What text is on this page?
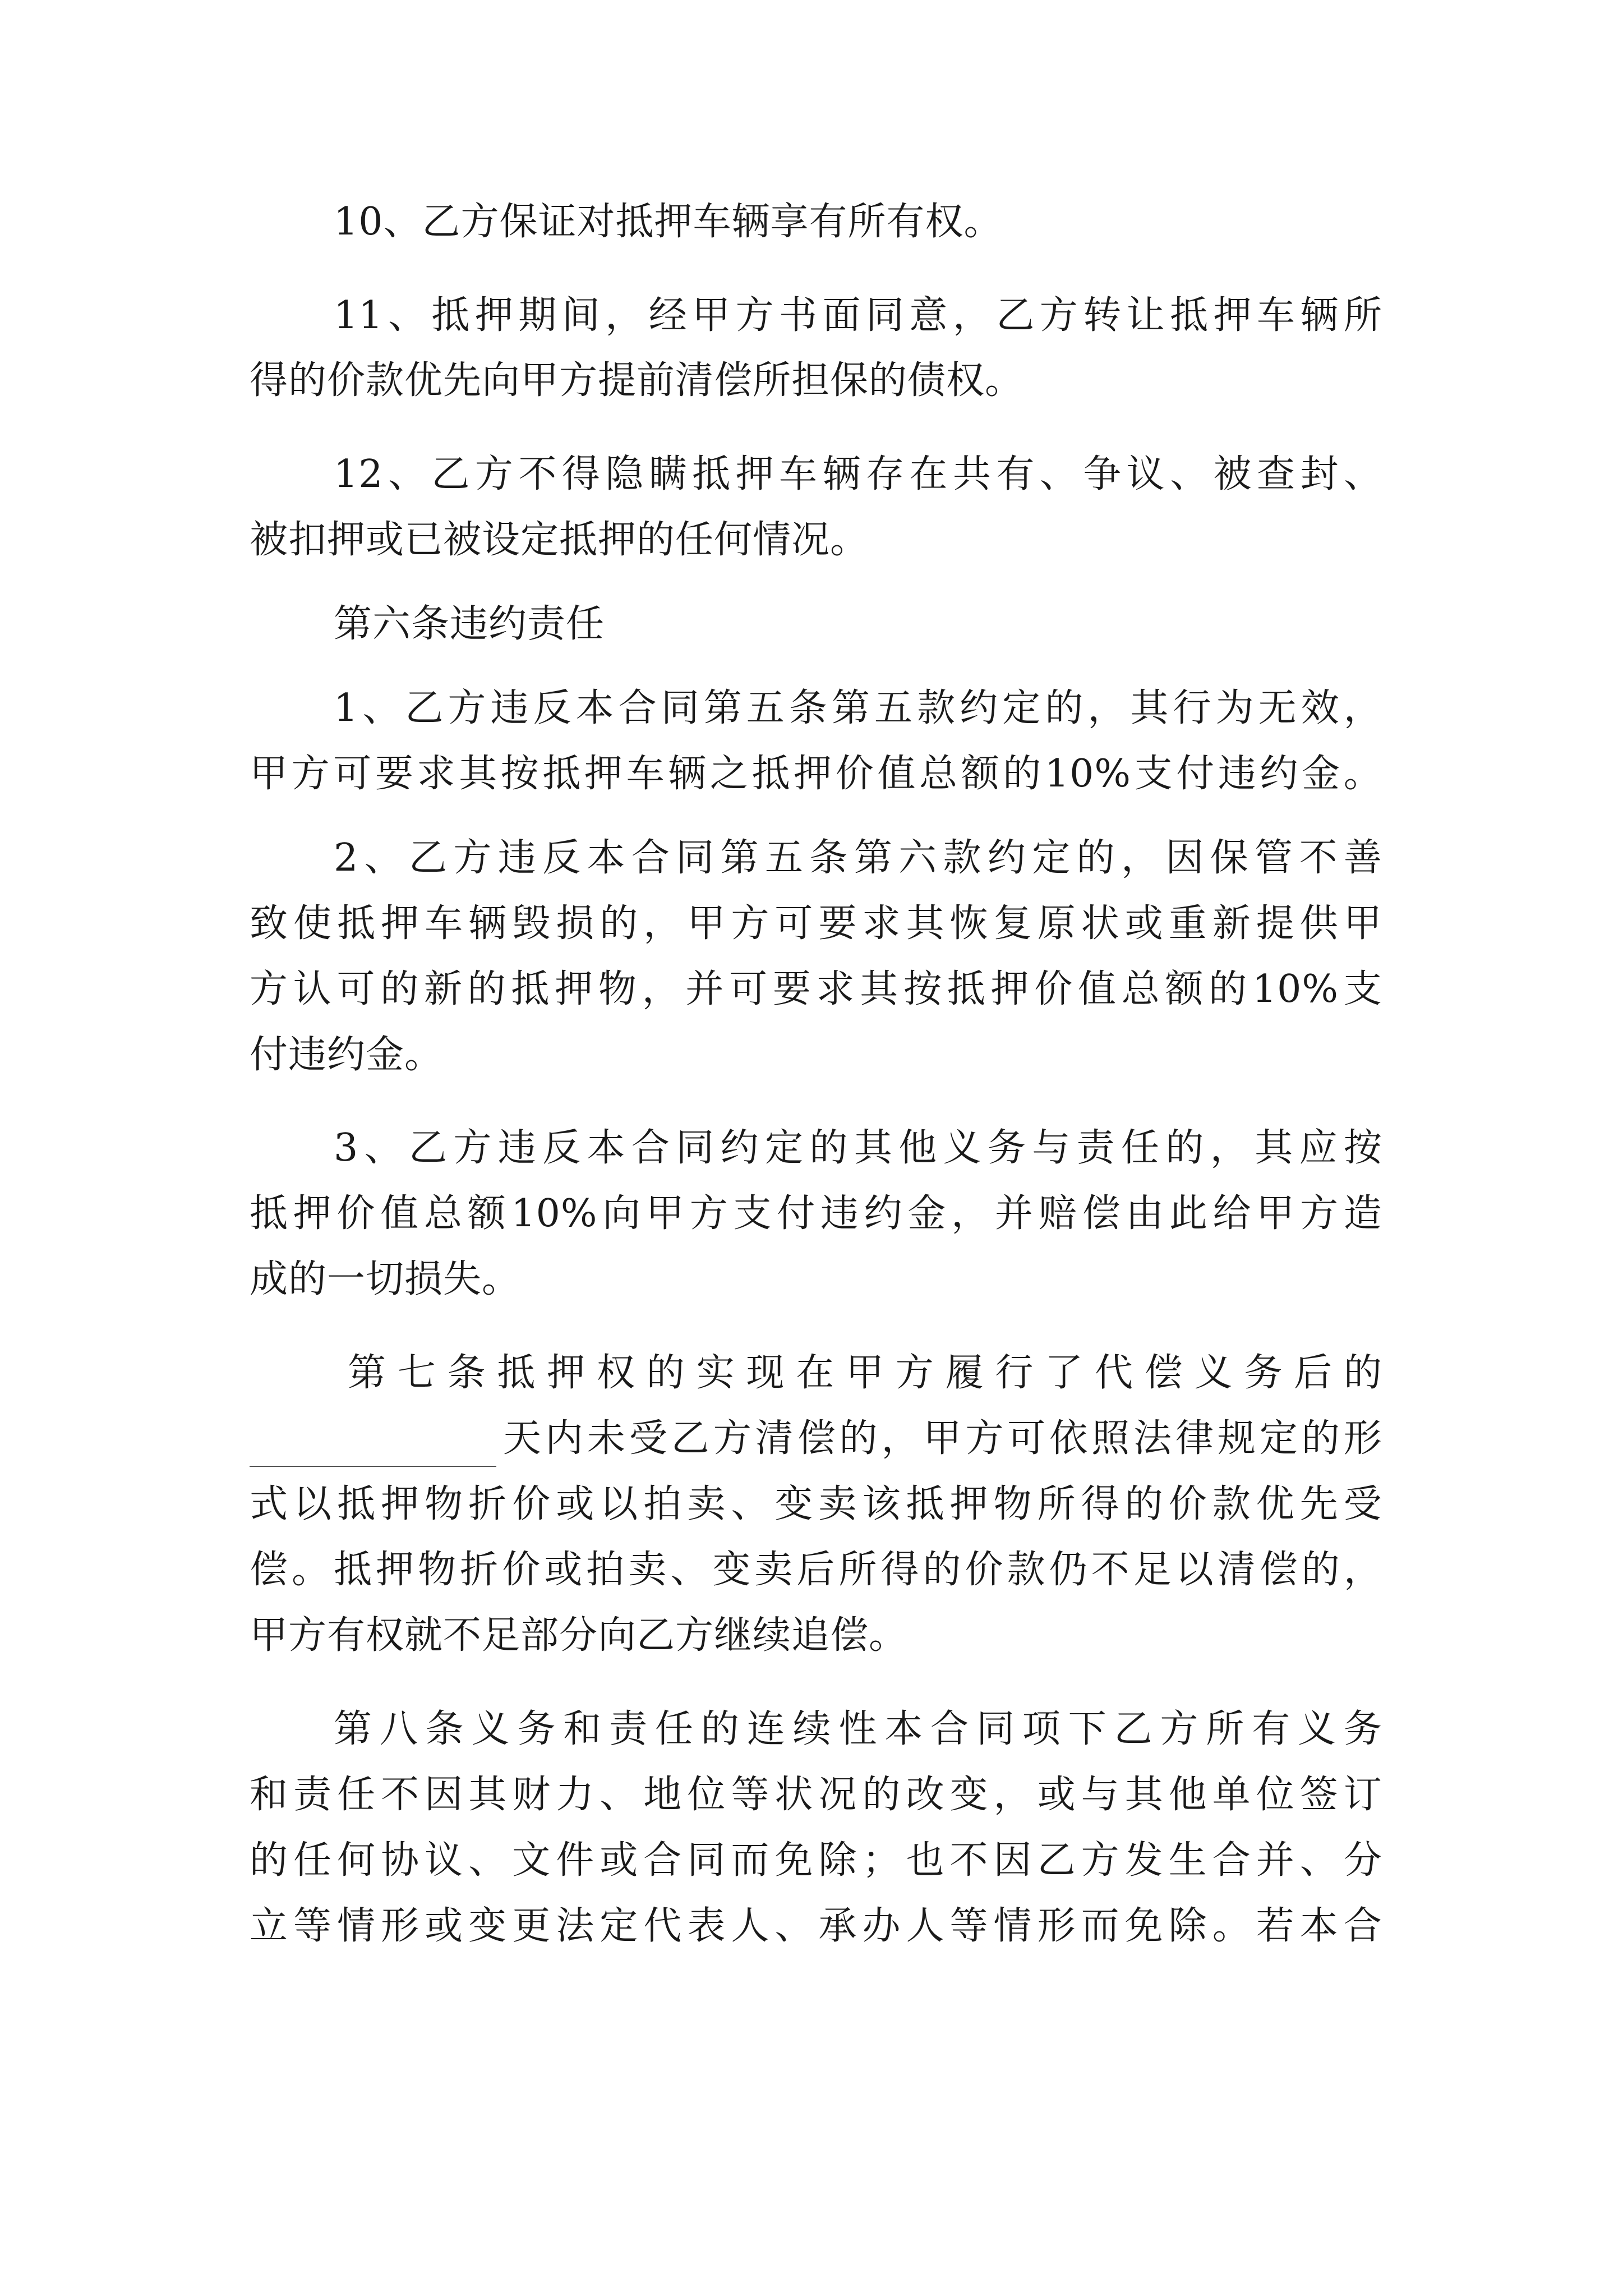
10、乙方保证对抵押车辆享有所有权。
11 、 抵 押 期 间 ， 经 甲 方 书 面 同 意 ， 乙 方 转 让 抵 押 车 辆 所
得的价款优先向甲方提前清偿所担保的债权。
12 、 乙 方 不 得 隐 瞒 抵 押 车 辆 存 在 共 有 、 争 议 、 被 查 封 、
被扣押或已被设定抵押的任何情况。
第六条违约责任
1 、 乙 方 违 反 本 合 同 第 五 条 第 五 款 约 定 的 ， 其 行 为 无 效 ，
甲 方 可 要 求 其 按 抵 押 车 辆 之 抵 押 价 值 总 额 的 10% 支 付 违 约 金 。
2 、 乙 方 违 反 本 合 同 第 五 条 第 六 款 约 定 的 ， 因 保 管 不 善
致 使 抵 押 车 辆 毁 损 的 ， 甲 方 可 要 求 其 恢 复 原 状 或 重 新 提 供 甲
方 认 可 的 新 的 抵 押 物 ， 并 可 要 求 其 按 抵 押 价 值 总 额 的 10% 支
付违约金。
3 、 乙 方 违 反 本 合 同 约 定 的 其 他 义 务 与 责 任 的 ， 其 应 按
抵 押 价 值 总 额 10% 向 甲 方 支 付 违 约 金 ， 并 赔 偿 由 此 给 甲 方 造
成的一切损失。
第 七 条 抵 押 权 的 实 现 在 甲 方 履 行 了 代 偿 义 务 后 的
天 内 未 受 乙 方 清 偿 的 ， 甲 方 可 依 照 法 律 规 定 的 形
式 以 抵 押 物 折 价 或 以 拍 卖 、 变 卖 该 抵 押 物 所 得 的 价 款 优 先 受
偿 。 抵 押 物 折 价 或 拍 卖 、 变 卖 后 所 得 的 价 款 仍 不 足 以 清 偿 的 ，
甲方有权就不足部分向乙方继续追偿。
第 八 条 义 务 和 责 任 的 连 续 性 本 合 同 项 下 乙 方 所 有 义 务
和 责 任 不 因 其 财 力 、 地 位 等 状 况 的 改 变 ， 或 与 其 他 单 位 签 订
的 任 何 协 议 、 文 件 或 合 同 而 免 除 ； 也 不 因 乙 方 发 生 合 并 、 分
立 等 情 形 或 变 更 法 定 代 表 人 、 承 办 人 等 情 形 而 免 除 。 若 本 合
